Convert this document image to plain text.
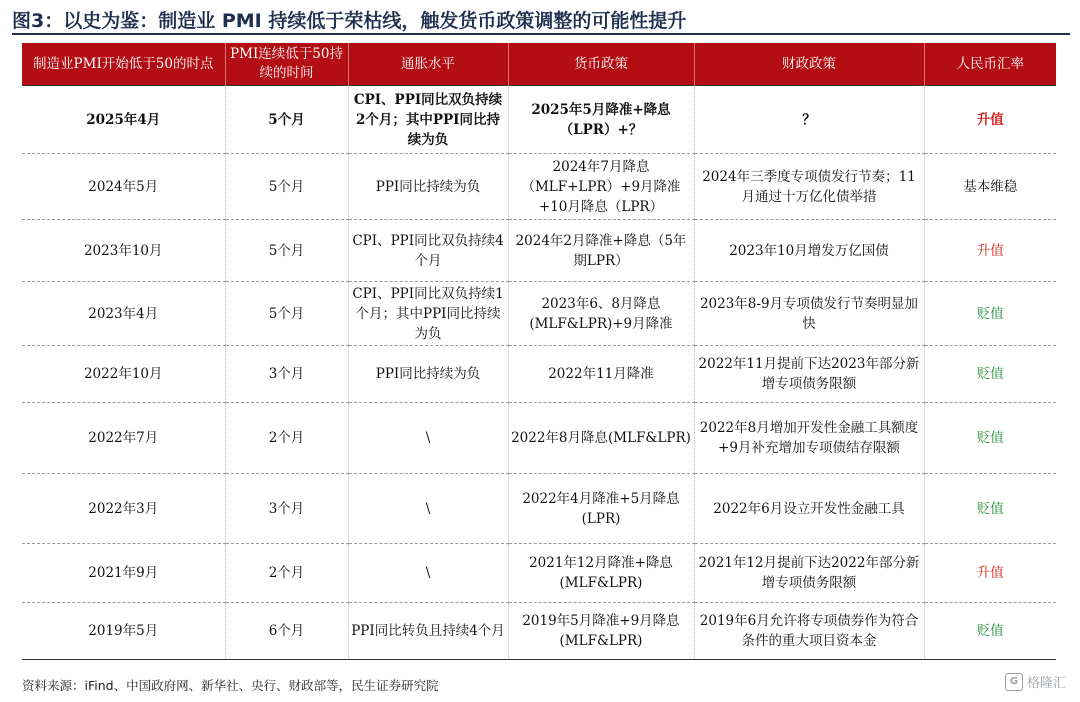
图3：以史为鉴：制造业 PMI 持续低于荣枯线，触发货币政策调整的可能性提升
制造业PMI开始低于50的时点	PMI连续低于50持续的时间	通胀水平	货币政策	财政政策	人民币汇率
2025年4月	5个月	CPI、PPI同比双负持续2个月；其中PPI同比持续为负	2025年5月降准+降息（LPR）+？	？	升值
2024年5月	5个月	PPI同比持续为负	2024年7月降息（MLF+LPR）+9月降准+10月降息（LPR）	2024年三季度专项债发行节奏；11月通过十万亿化债举措	基本维稳
2023年10月	5个月	CPI、PPI同比双负持续4个月	2024年2月降准+降息（5年期LPR）	2023年10月增发万亿国债	升值
2023年4月	5个月	CPI、PPI同比双负持续1个月；其中PPI同比持续为负	2023年6、8月降息(MLF&LPR)+9月降准	2023年8-9月专项债发行节奏明显加快	贬值
2022年10月	3个月	PPI同比持续为负	2022年11月降准	2022年11月提前下达2023年部分新增专项债务限额	贬值
2022年7月	2个月	\	2022年8月降息(MLF&LPR)	2022年8月增加开发性金融工具额度+9月补充增加专项债结存限额	贬值
2022年3月	3个月	\	2022年4月降准+5月降息(LPR)	2022年6月设立开发性金融工具	贬值
2021年9月	2个月	\	2021年12月降准+降息(MLF&LPR)	2021年12月提前下达2022年部分新增专项债务限额	升值
2019年5月	6个月	PPI同比转负且持续4个月	2019年5月降准+9月降息(MLF&LPR)	2019年6月允许将专项债券作为符合条件的重大项目资本金	贬值
资料来源：iFind、中国政府网、新华社、央行、财政部等，民生证券研究院	G 格隆汇
